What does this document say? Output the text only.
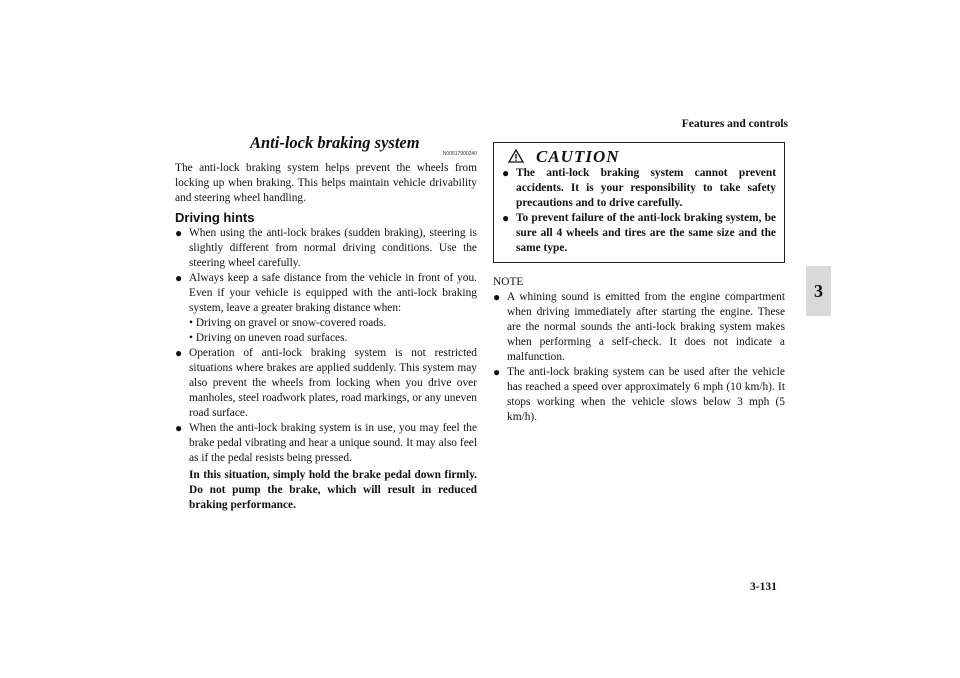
Features and controls
3
3-131
Anti-lock braking system
N00517900240
The anti-lock braking system helps prevent the wheels from locking up when braking. This helps maintain vehicle drivability and steering wheel handling.
Driving hints
● When using the anti-lock brakes (sudden braking), steering is slightly different from normal driving conditions. Use the steering wheel carefully.
● Always keep a safe distance from the vehicle in front of you. Even if your vehicle is equipped with the anti-lock braking system, leave a greater braking distance when:
• Driving on gravel or snow-covered roads.
• Driving on uneven road surfaces.
● Operation of anti-lock braking system is not restricted situations where brakes are applied suddenly. This system may also prevent the wheels from locking when you drive over manholes, steel roadwork plates, road markings, or any uneven road surface.
● When the anti-lock braking system is in use, you may feel the brake pedal vibrating and hear a unique sound. It may also feel as if the pedal resists being pressed.
In this situation, simply hold the brake pedal down firmly. Do not pump the brake, which will result in reduced braking performance.
CAUTION
● The anti-lock braking system cannot prevent accidents. It is your responsibility to take safety precautions and to drive carefully.
● To prevent failure of the anti-lock braking system, be sure all 4 wheels and tires are the same size and the same type.
NOTE
● A whining sound is emitted from the engine compartment when driving immediately after starting the engine. These are the normal sounds the anti-lock braking system makes when performing a self-check. It does not indicate a malfunction.
● The anti-lock braking system can be used after the vehicle has reached a speed over approximately 6 mph (10 km/h). It stops working when the vehicle slows below 3 mph (5 km/h).
